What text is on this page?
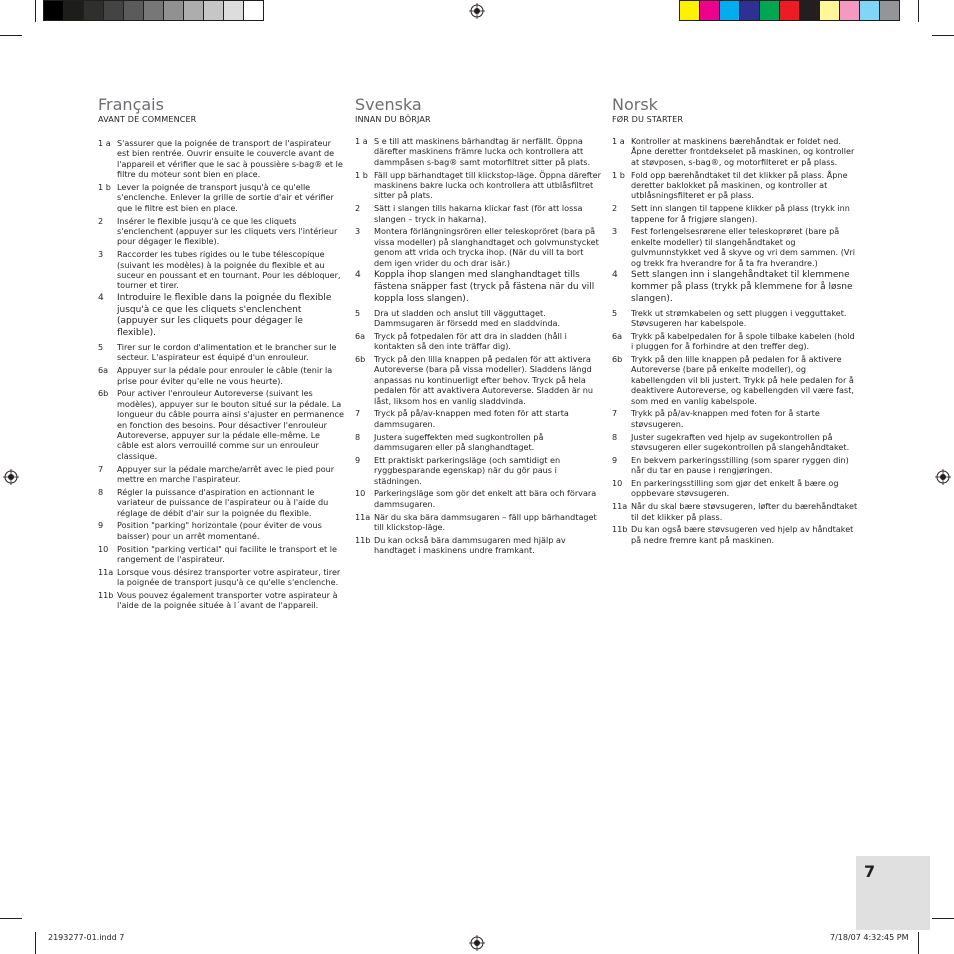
Français
AVANT DE COMMENCER
1 a S'assurer que la poignée de transport de l'aspirateur est bien rentrée. Ouvrir ensuite le couvercle avant de l'appareil et vérifier que le sac à poussière s-bag® et le filtre du moteur sont bien en place.
1 b Lever la poignée de transport jusqu'à ce qu'elle s'enclenche. Enlever la grille de sortie d'air et vérifier que le filtre est bien en place.
2	Insérer le flexible jusqu'à ce que les cliquets s'enclenchent (appuyer sur les cliquets vers l'intérieur pour dégager le flexible).
3	Raccorder les tubes rigides ou le tube télescopique (suivant les modèles) à la poignée du flexible et au suceur en poussant et en tournant. Pour les débloquer, tourner et tirer.
4	Introduire le flexible dans la poignée du flexible jusqu'à ce que les cliquets s'enclenchent (appuyer sur les cliquets pour dégager le flexible).
5	Tirer sur le cordon d'alimentation et le brancher sur le secteur. L'aspirateur est équipé d'un enrouleur.
6a	Appuyer sur la pédale pour enrouler le câble (tenir la prise pour éviter qu'elle ne vous heurte).
6b	Pour activer l'enrouleur Autoreverse (suivant les modèles), appuyer sur le bouton situé sur la pédale. La longueur du câble pourra ainsi s'ajuster en permanence en fonction des besoins. Pour désactiver l'enrouleur Autoreverse, appuyer sur la pédale elle-même. Le câble est alors verrouillé comme sur un enrouleur classique.
7	Appuyer sur la pédale marche/arrêt avec le pied pour mettre en marche l'aspirateur.
8	Régler la puissance d'aspiration en actionnant le variateur de puissance de l'aspirateur ou à l'aide du réglage de débit d'air sur la poignée du flexible.
9	Position "parking" horizontale (pour éviter de vous baisser) pour un arrêt momentané.
10	Position "parking vertical" qui facilite le transport et le rangement de l'aspirateur.
11a Lorsque vous désirez transporter votre aspirateur, tirer la poignée de transport jusqu'à ce qu'elle s'enclenche.
11b Vous pouvez également transporter votre aspirateur à l'aide de la poignée située à l´avant de l'appareil.
Svenska
INNAN DU BÖRJAR
1 a S e till att maskinens bärhandtag är nerfällt. Öppna därefter maskinens främre lucka och kontrollera att dammpåsen s-bag® samt motorfiltret sitter på plats.
1 b Fäll upp bärhandtaget till klickstop-läge. Öppna därefter maskinens bakre lucka och kontrollera att utblåsfiltret sitter på plats.
2	Sätt i slangen tills hakarna klickar fast (för att lossa slangen – tryck in hakarna).
3	Montera förlängningsrören eller teleskopröret (bara på vissa modeller) på slanghandtaget och golvmunstycket genom att vrida och trycka ihop. (När du vill ta bort dem igen vrider du och drar isär.)
4	Koppla ihop slangen med slanghandtaget tills fästena snäpper fast (tryck på fästena när du vill koppla loss slangen).
5	Dra ut sladden och anslut till vägguttaget. Dammsugaren är försedd med en sladdvinda.
6a	Tryck på fotpedalen för att dra in sladden (håll i kontakten så den inte träffar dig).
6b	Tryck på den lilla knappen på pedalen för att aktivera Autoreverse (bara på vissa modeller). Sladdens längd anpassas nu kontinuerligt efter behov. Tryck på hela pedalen för att avaktivera Autoreverse. Sladden är nu låst, liksom hos en vanlig sladdvinda.
7	Tryck på på/av-knappen med foten för att starta dammsugaren.
8	Justera sugeffekten med sugkontrollen på dammsugaren eller på slanghandtaget.
9	Ett praktiskt parkeringsläge (och samtidigt en ryggbesparande egenskap) när du gör paus i städningen.
10	Parkeringsläge som gör det enkelt att bära och förvara dammsugaren.
11a När du ska bära dammsugaren – fäll upp bärhandtaget till klickstop-läge.
11b Du kan också bära dammsugaren med hjälp av handtaget i maskinens undre framkant.
Norsk
FØR DU STARTER
1 a Kontroller at maskinens bærehåndtak er foldet ned. Åpne deretter frontdekselet på maskinen, og kontroller at støvposen, s-bag®, og motorfilteret er på plass.
1 b Fold opp bærehåndtaket til det klikker på plass. Åpne deretter baklokket på maskinen, og kontroller at utblåsningsfilteret er på plass.
2	Sett inn slangen til tappene klikker på plass (trykk inn tappene for å frigjøre slangen).
3	Fest forlengelsesrørene eller teleskoprøret (bare på enkelte modeller) til slangehåndtaket og gulvmunnstykket ved å skyve og vri dem sammen. (Vri og trekk fra hverandre for å ta fra hverandre.)
4	Sett slangen inn i slangehåndtaket til klemmene kommer på plass (trykk på klemmene for å løsne slangen).
5	Trekk ut strømkabelen og sett pluggen i vegguttaket. Støvsugeren har kabelspole.
6a	Trykk på kabelpedalen for å spole tilbake kabelen (hold i pluggen for å forhindre at den treffer deg).
6b	Trykk på den lille knappen på pedalen for å aktivere Autoreverse (bare på enkelte modeller), og kabellengden vil bli justert. Trykk på hele pedalen for å deaktivere Autoreverse, og kabellengden vil være fast, som med en vanlig kabelspole.
7	Trykk på på/av-knappen med foten for å starte støvsugeren.
8	Juster sugekraften ved hjelp av sugekontrollen på støvsugeren eller sugekontrollen på slangehåndtaket.
9	En bekvem parkeringsstilling (som sparer ryggen din) når du tar en pause i rengjøringen.
10	En parkeringsstilling som gjør det enkelt å bære og oppbevare støvsugeren.
11a Når du skal bære støvsugeren, løfter du bærehåndtaket til det klikker på plass.
11b Du kan også bære støvsugeren ved hjelp av håndtaket på nedre fremre kant på maskinen.
7
2193277-01.indd 7	7/18/07 4:32:45 PM
